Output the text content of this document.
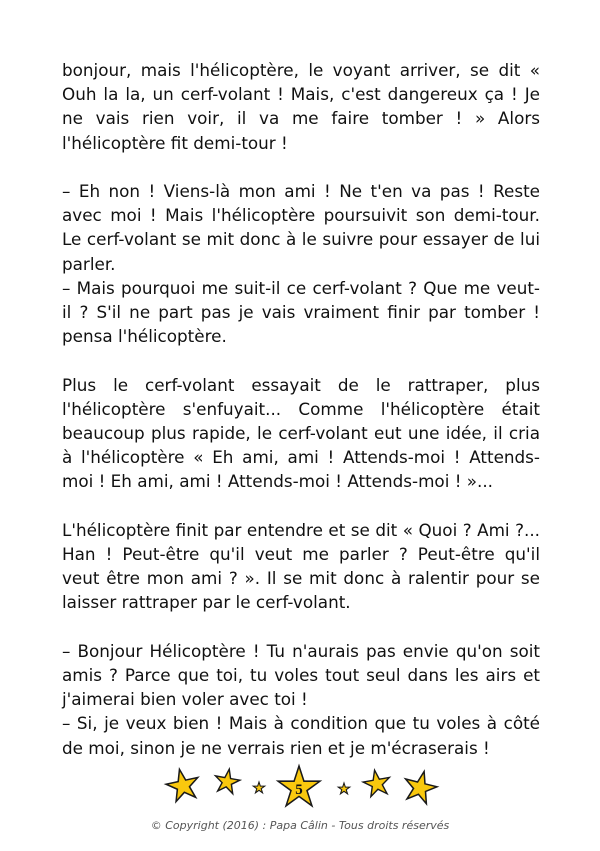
bonjour, mais l'hélicoptère, le voyant arriver, se dit « Ouh la la, un cerf-volant ! Mais, c'est dangereux ça ! Je ne vais rien voir, il va me faire tomber ! » Alors l'hélicoptère fit demi-tour !

– Eh non ! Viens-là mon ami ! Ne t'en va pas ! Reste avec moi ! Mais l'hélicoptère poursuivit son demi-tour. Le cerf-volant se mit donc à le suivre pour essayer de lui parler.

– Mais pourquoi me suit-il ce cerf-volant ? Que me veut-il ? S'il ne part pas je vais vraiment finir par tomber ! pensa l'hélicoptère.

Plus le cerf-volant essayait de le rattraper, plus l'hélicoptère s'enfuyait... Comme l'hélicoptère était beaucoup plus rapide, le cerf-volant eut une idée, il cria à l'hélicoptère « Eh ami, ami ! Attends-moi ! Attends-moi ! Eh ami, ami ! Attends-moi ! Attends-moi ! »...

L'hélicoptère finit par entendre et se dit « Quoi ? Ami ?... Han ! Peut-être qu'il veut me parler ? Peut-être qu'il veut être mon ami ? ». Il se mit donc à ralentir pour se laisser rattraper par le cerf-volant.

– Bonjour Hélicoptère ! Tu n'aurais pas envie qu'on soit amis ? Parce que toi, tu voles tout seul dans les airs et j'aimerai bien voler avec toi !

– Si, je veux bien ! Mais à condition que tu voles à côté de moi, sinon je ne verrais rien et je m'écraserais !

5
© Copyright (2016) : Papa Câlin - Tous droits réservés
